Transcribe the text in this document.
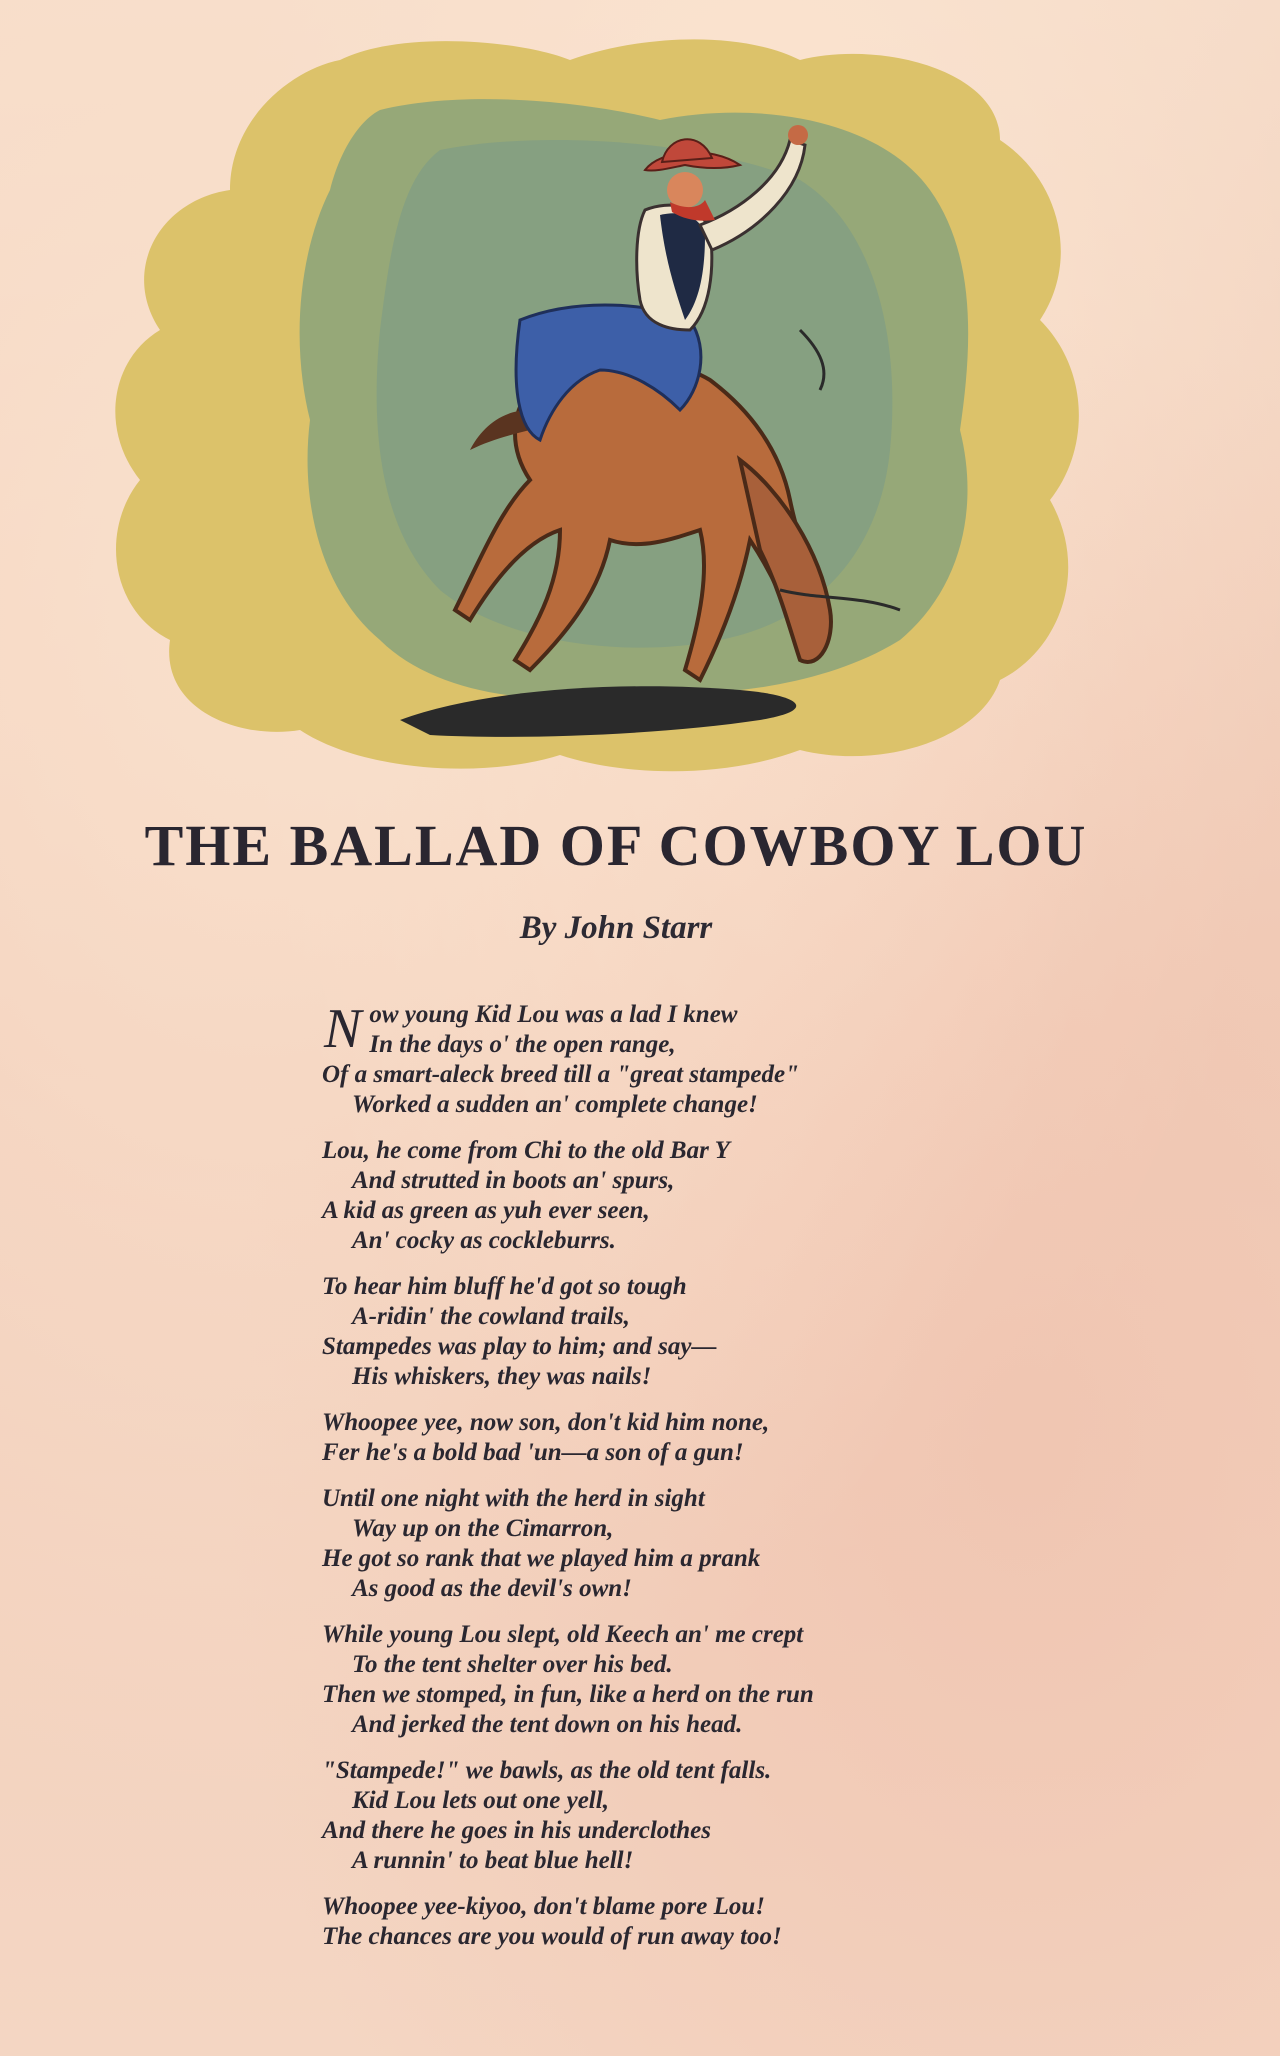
THE BALLAD OF COWBOY LOU
By John Starr
N ow young Kid Lou was a lad I knew
In the days o' the open range,
Of a smart-aleck breed till a "great stampede"
Worked a sudden an' complete change!
Lou, he come from Chi to the old Bar Y
And strutted in boots an' spurs,
A kid as green as yuh ever seen,
An' cocky as cockleburrs.
To hear him bluff he'd got so tough
A-ridin' the cowland trails,
Stampedes was play to him; and say—
His whiskers, they was nails!
Whoopee yee, now son, don't kid him none,
Fer he's a bold bad 'un—a son of a gun!
Until one night with the herd in sight
Way up on the Cimarron,
He got so rank that we played him a prank
As good as the devil's own!
While young Lou slept, old Keech an' me crept
To the tent shelter over his bed.
Then we stomped, in fun, like a herd on the run
And jerked the tent down on his head.
"Stampede!" we bawls, as the old tent falls.
Kid Lou lets out one yell,
And there he goes in his underclothes
A runnin' to beat blue hell!
Whoopee yee-kiyoo, don't blame pore Lou!
The chances are you would of run away too!
